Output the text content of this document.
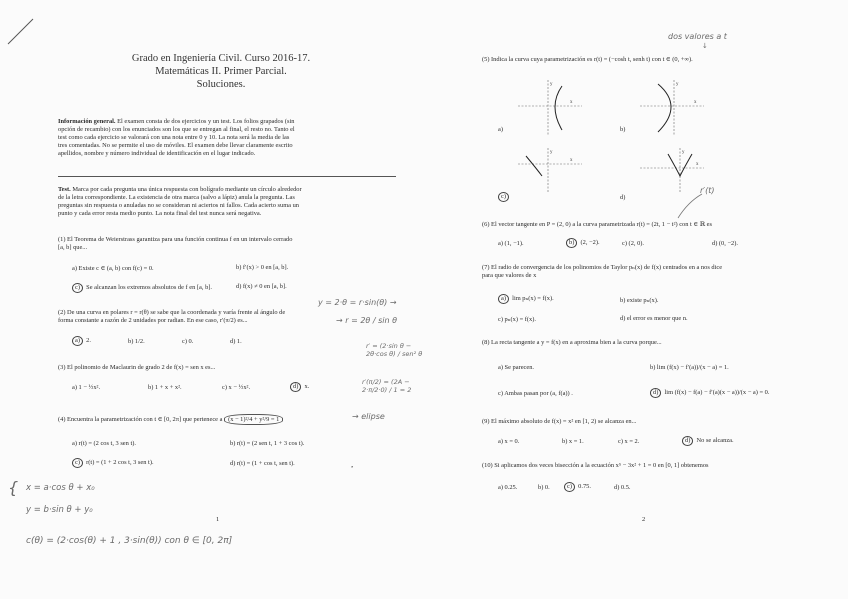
Grado en Ingeniería Civil. Curso 2016-17.
Matemáticas II. Primer Parcial.
Soluciones.
Información general. El examen consta de dos ejercicios y un test. Los folios grapados (sin
opción de recambio) con los enunciados son los que se entregan al final, el resto no. Tanto el
test como cada ejercicio se valorará con una nota entre 0 y 10. La nota será la media de las
tres comentadas. No se permite el uso de móviles. El examen debe llevar claramente escrito
apellidos, nombre y número individual de identificación en el lugar indicado.
Test. Marca por cada pregunta una única respuesta con bolígrafo mediante un círculo alrededor
de la letra correspondiente. La existencia de otra marca (salvo a lápiz) anula la pregunta. Las
preguntas sin respuesta o anuladas no se consideran ni aciertos ni fallos. Cada acierto suma un
punto y cada error resta medio punto. La nota final del test nunca será negativa.
(1) El Teorema de Weierstrass garantiza para una función continua f en un intervalo cerrado
[a, b] que...
a) Existe c ∈ (a, b) con f(c) = 0.	b) f′(x) > 0 en [a, b].
c) Se alcanzan los extremos absolutos de f en [a, b].	d) f(x) ≠ 0 en [a, b].
(2) De una curva en polares r = r(θ) se sabe que la coordenada y varía frente al ángulo de
forma constante a razón de 2 unidades por radian. En ese caso, r′(π/2) es...
a) 2.	b) 1/2.	c) 0.	d) 1.
(3) El polinomio de Maclaurin de grado 2 de f(x) = sen x es...
a) 1 − ½x².	b) 1 + x + x².	c) x − ½x².	d) x.
(4) Encuentra la parametrización con t ∈ [0, 2π] que pertenece a (x − 1)²/4 + y²/9 = 1
a) r(t) = (2 cos t, 3 sen t).	b) r(t) = (2 sen t, 1 + 3 cos t).
c) r(t) = (1 + 2 cos t, 3 sen t).	d) r(t) = (1 + cos t, sen t).
1
y = 2·θ = r·sin(θ) →
→ r = 2θ / sin θ
r′ = (2·sin θ − 2θ·cos θ) / sen² θ
r′(π/2) = (2A − 2·π/2·0) / 1 = 2
→ elipse
·
{ x = a·cos θ + x₀
y = b·sin θ + y₀
c(θ) = (2·cos(θ) + 1 , 3·sin(θ)) con θ ∈ [0, 2π]
(5) Indica la curva cuya parametrización es r(t) = (−cosh t, senh t) con t ∈ (0, +∞).
x
y
a)
x
y
b)
x
y
c)
x
y
d)
(6) El vector tangente en P = (2, 0) a la curva parametrizada r(t) = (2t, 1 − t²) con t ∈ ℝ es
a) (1, −1).	b) (2, −2).	c) (2, 0).	d) (0, −2).
(7) El radio de convergencia de los polinomios de Taylor pₙ(x) de f(x) centrados en a nos dice
para que valores de x
a) lim pₙ(x) = f(x).	b) existe pₙ(x).
c) pₙ(x) = f(x).	d) el error es menor que n.
(8) La recta tangente a y = f(x) en a aproxima bien a la curva porque...
a) Se parecen.	b) lim (f(x) − f′(a))/(x − a) = 1.
c) Ambas pasan por (a, f(a)) .	d) lim (f(x) − f(a) − f′(a)(x − a))/(x − a) = 0.
(9) El máximo absoluto de f(x) = x² en [1, 2) se alcanza en...
a) x = 0.	b) x = 1.	c) x = 2.	d) No se alcanza.
(10) Si aplicamos dos veces bisección a la ecuación x⁵ − 3x² + 1 = 0 en [0, 1] obtenemos
a) 0.25.	b) 0.	c) 0.75.	d) 0.5.
2
dos valores a t
↓
r′(t)
